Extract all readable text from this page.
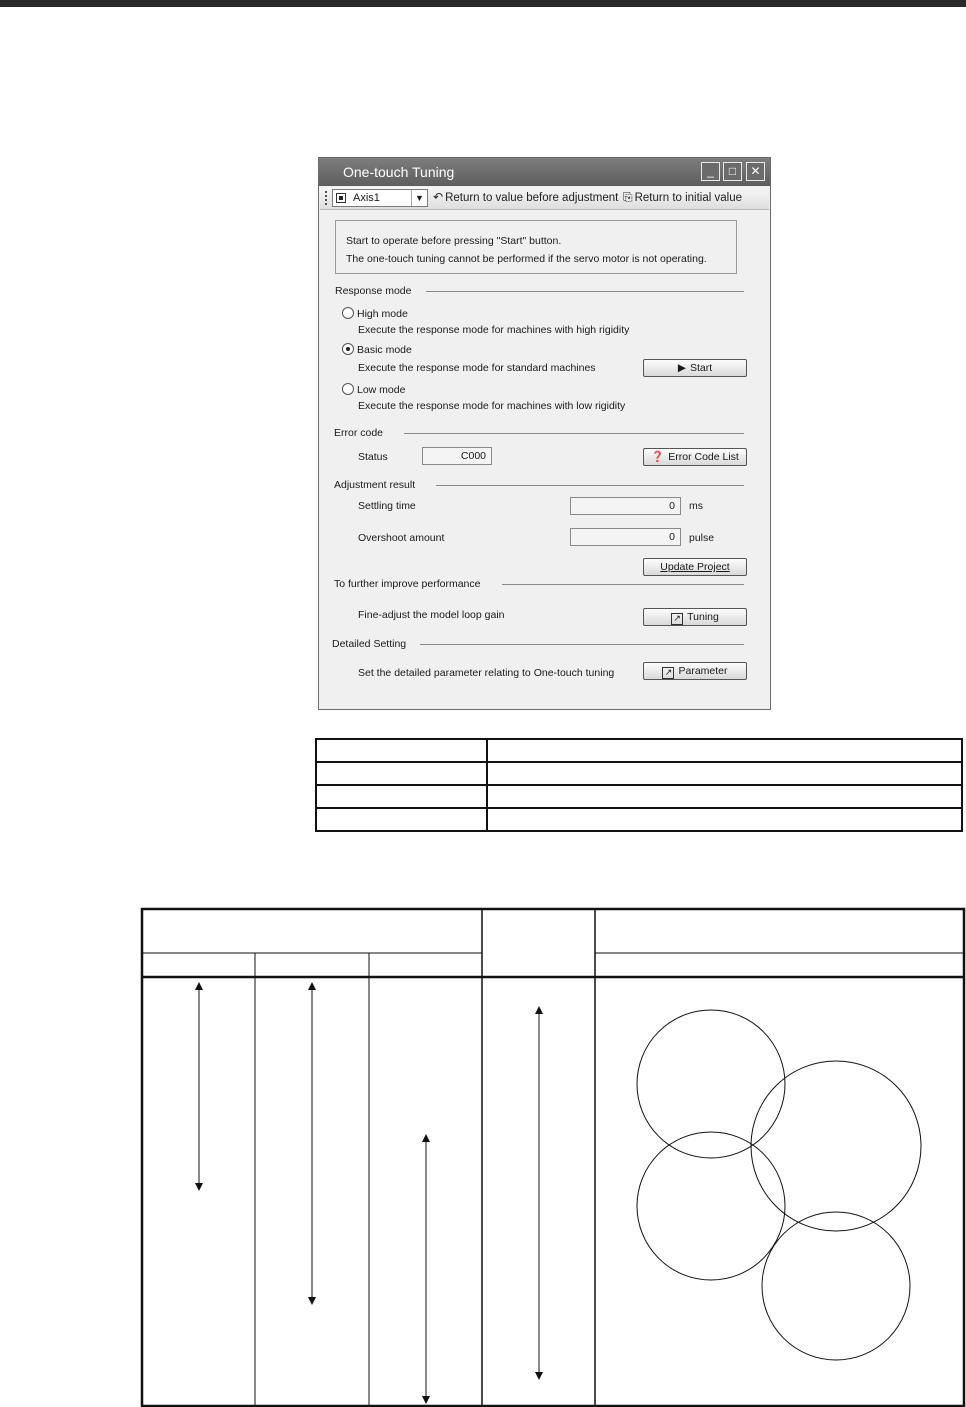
One-touch Tuning	_	□	✕
Axis1	▼ ↶ Return to value before adjustment ⎘ Return to initial value
Start to operate before pressing "Start" button.
The one-touch tuning cannot be performed if the servo motor is not operating.
Response mode
High mode
Execute the response mode for machines with high rigidity
Basic mode
Execute the response mode for standard machines	▶ Start
Low mode
Execute the response mode for machines with low rigidity
Error code
Status	C000	❓ Error Code List
Adjustment result
Settling time	0	ms
Overshoot amount	0	pulse
Update Project
To further improve performance
Fine-adjust the model loop gain	↗ Tuning
Detailed Setting
Set the detailed parameter relating to One-touch tuning	↗ Parameter
